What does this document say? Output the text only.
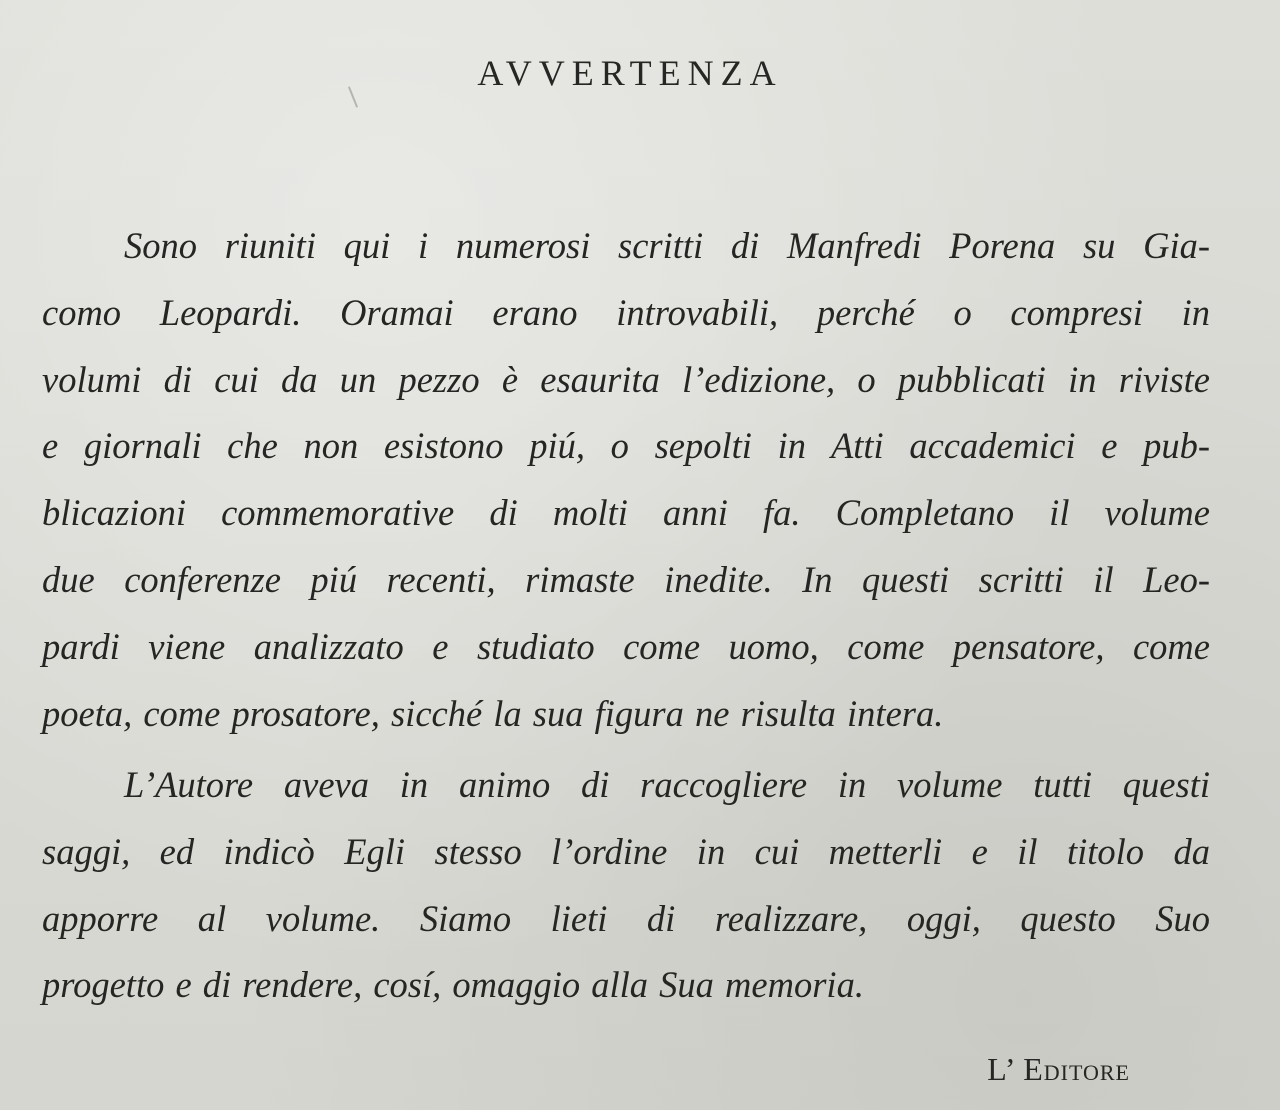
AVVERTENZA

Sono riuniti qui i numerosi scritti di Manfredi Porena su Gia-
como Leopardi. Oramai erano introvabili, perché o compresi in
volumi di cui da un pezzo è esaurita l’edizione, o pubblicati in riviste
e giornali che non esistono piú, o sepolti in Atti accademici e pub-
blicazioni commemorative di molti anni fa. Completano il volume
due conferenze piú recenti, rimaste inedite. In questi scritti il Leo-
pardi viene analizzato e studiato come uomo, come pensatore, come
poeta, come prosatore, sicché la sua figura ne risulta intera.

L’Autore aveva in animo di raccogliere in volume tutti questi
saggi, ed indicò Egli stesso l’ordine in cui metterli e il titolo da
apporre al volume. Siamo lieti di realizzare, oggi, questo Suo
progetto e di rendere, cosí, omaggio alla Sua memoria.

L’ Editore
